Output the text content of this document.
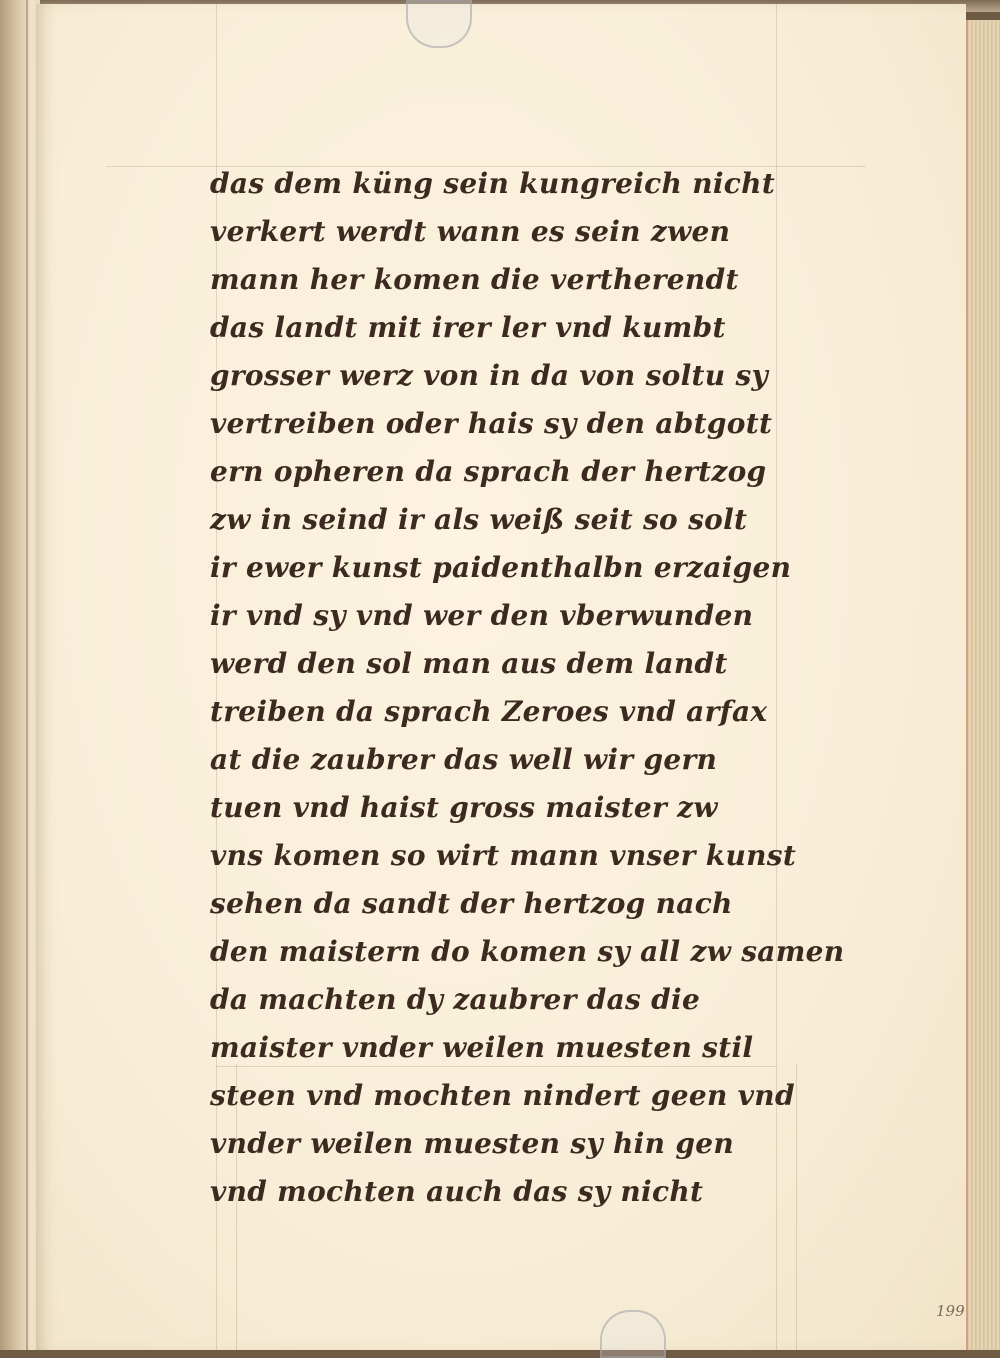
das dem küng sein kungreich nicht
verkert werdt wann es sein zwen
mann her komen die vertherendt
das landt mit irer ler vnd kumbt
grosser werz von in da von soltu sy
vertreiben oder hais sy den abtgott
ern opheren da sprach der hertzog
zw in seind ir als weiß seit so solt
ir ewer kunst paidenthalbn erzaigen
ir vnd sy vnd wer den vberwunden
werd den sol man aus dem landt
treiben da sprach Zeroes vnd arfax
at die zaubrer das well wir gern
tuen vnd haist gross maister zw
vns komen so wirt mann vnser kunst
sehen da sandt der hertzog nach
den maistern do komen sy all zw samen
da machten dy zaubrer das die
maister vnder weilen muesten stil
steen vnd mochten nindert geen vnd
vnder weilen muesten sy hin gen
vnd mochten auch das sy nicht
199
